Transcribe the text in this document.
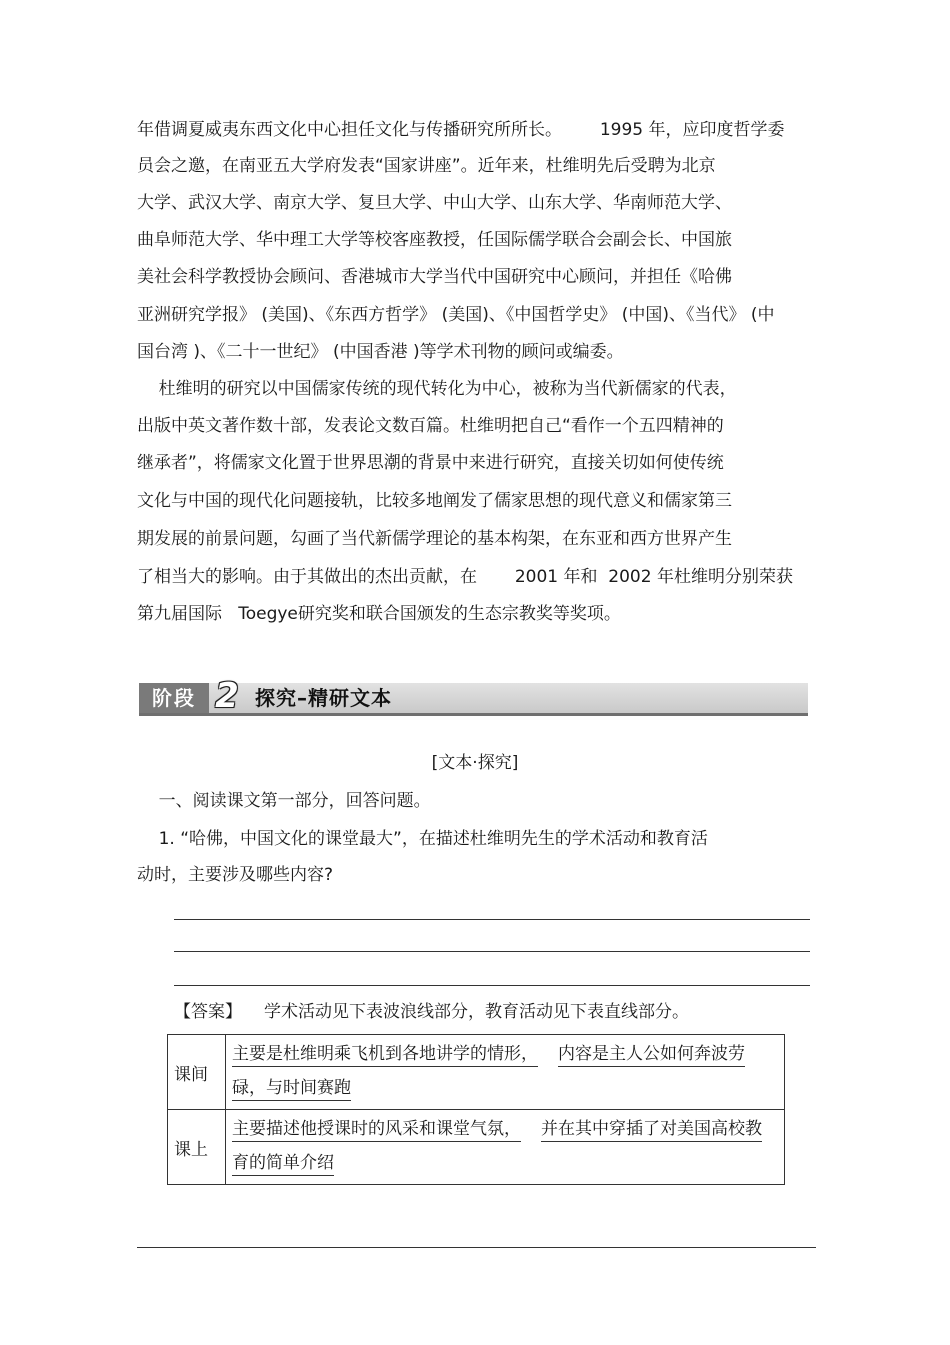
年借调夏威夷东西文化中心担任文化与传播研究所所长。       1995 年，应印度哲学委

员会之邀，在南亚五大学府发表“国家讲座”。近年来，杜维明先后受聘为北京

大学、武汉大学、南京大学、复旦大学、中山大学、山东大学、华南师范大学、

曲阜师范大学、华中理工大学等校客座教授，任国际儒学联合会副会长、中国旅

美社会科学教授协会顾问、香港城市大学当代中国研究中心顾问，并担任《哈佛

亚洲研究学报》 (美国)、《东西方哲学》 (美国)、《中国哲学史》 (中国)、《当代》 (中

国台湾 )、《二十一世纪》 (中国香港 )等学术刊物的顾问或编委。

杜维明的研究以中国儒家传统的现代转化为中心，被称为当代新儒家的代表，

出版中英文著作数十部，发表论文数百篇。杜维明把自己“看作一个五四精神的

继承者”，将儒家文化置于世界思潮的背景中来进行研究，直接关切如何使传统

文化与中国的现代化问题接轨，比较多地阐发了儒家思想的现代意义和儒家第三

期发展的前景问题，勾画了当代新儒学理论的基本构架，在东亚和西方世界产生

了相当大的影响。由于其做出的杰出贡献，在       2001 年和  2002 年杜维明分别荣获

第九届国际   Toegye研究奖和联合国颁发的生态宗教奖等奖项。

阶段 2 探究–精研文本

[文本·探究]

一、阅读课文第一部分，回答问题。

1. “哈佛，中国文化的课堂最大”，在描述杜维明先生的学术活动和教育活

动时，主要涉及哪些内容?

【答案】 学术活动见下表波浪线部分，教育活动见下表直线部分。

课间	主要是杜维明乘飞机到各地讲学的情形， 内容是主人公如何奔波劳碌，与时间赛跑
课上	主要描述他授课时的风采和课堂气氛， 并在其中穿插了对美国高校教育的简单介绍
